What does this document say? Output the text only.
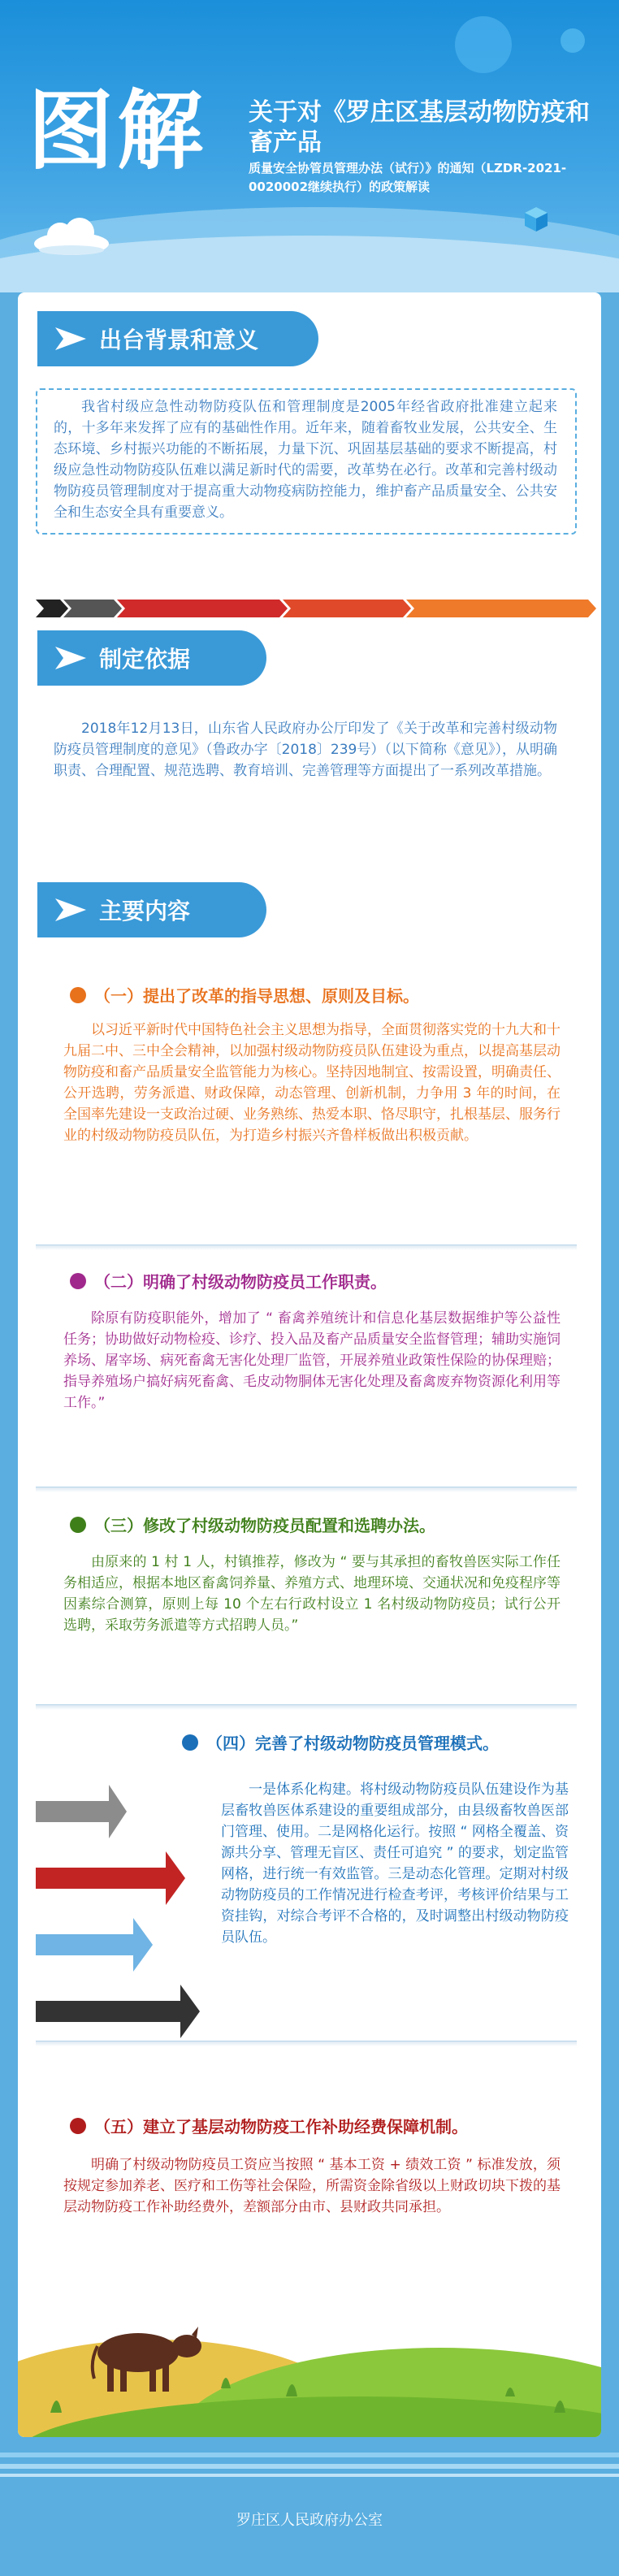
图解 关于对《罗庄区基层动物防疫和畜产品
质量安全协管员管理办法（试行）》的通知（LZDR-2021-0020002继续执行）的政策解读
出台背景和意义
我省村级应急性动物防疫队伍和管理制度是2005年经省政府批准建立起来的，十多年来发挥了应有的基础性作用。近年来，随着畜牧业发展，公共安全、生态环境、乡村振兴功能的不断拓展，力量下沉、巩固基层基础的要求不断提高，村级应急性动物防疫队伍难以满足新时代的需要，改革势在必行。改革和完善村级动物防疫员管理制度对于提高重大动物疫病防控能力，维护畜产品质量安全、公共安全和生态安全具有重要意义。
制定依据
2018年12月13日，山东省人民政府办公厅印发了《关于改革和完善村级动物防疫员管理制度的意见》（鲁政办字〔2018〕239号）（以下简称《意见》），从明确职责、合理配置、规范选聘、教育培训、完善管理等方面提出了一系列改革措施。
主要内容
（一）提出了改革的指导思想、原则及目标。
以习近平新时代中国特色社会主义思想为指导，全面贯彻落实党的十九大和十九届二中、三中全会精神，以加强村级动物防疫员队伍建设为重点，以提高基层动物防疫和畜产品质量安全监管能力为核心。坚持因地制宜、按需设置，明确责任、公开选聘，劳务派遣、财政保障，动态管理、创新机制，力争用 3 年的时间，在全国率先建设一支政治过硬、业务熟练、热爱本职、恪尽职守，扎根基层、服务行业的村级动物防疫员队伍，为打造乡村振兴齐鲁样板做出积极贡献。
（二）明确了村级动物防疫员工作职责。
除原有防疫职能外，增加了 “ 畜禽养殖统计和信息化基层数据维护等公益性任务；协助做好动物检疫、诊疗、投入品及畜产品质量安全监督管理；辅助实施饲养场、屠宰场、病死畜禽无害化处理厂监管，开展养殖业政策性保险的协保理赔；指导养殖场户搞好病死畜禽、毛皮动物胴体无害化处理及畜禽废弃物资源化利用等工作。”
（三）修改了村级动物防疫员配置和选聘办法。
由原来的 1 村 1 人，村镇推荐，修改为 “ 要与其承担的畜牧兽医实际工作任务相适应，根据本地区畜禽饲养量、养殖方式、地理环境、交通状况和免疫程序等因素综合测算，原则上每 10 个左右行政村设立 1 名村级动物防疫员；试行公开选聘，采取劳务派遣等方式招聘人员。”
（四）完善了村级动物防疫员管理模式。
一是体系化构建。将村级动物防疫员队伍建设作为基层畜牧兽医体系建设的重要组成部分，由县级畜牧兽医部门管理、使用。二是网格化运行。按照 “ 网格全覆盖、资源共分享、管理无盲区、责任可追究 ” 的要求，划定监管网格，进行统一有效监管。三是动态化管理。定期对村级动物防疫员的工作情况进行检查考评，考核评价结果与工资挂钩，对综合考评不合格的，及时调整出村级动物防疫员队伍。
（五）建立了基层动物防疫工作补助经费保障机制。
明确了村级动物防疫员工资应当按照 “ 基本工资 + 绩效工资 ” 标准发放，须按规定参加养老、医疗和工伤等社会保险，所需资金除省级以上财政切块下拨的基层动物防疫工作补助经费外，差额部分由市、县财政共同承担。
罗庄区人民政府办公室
